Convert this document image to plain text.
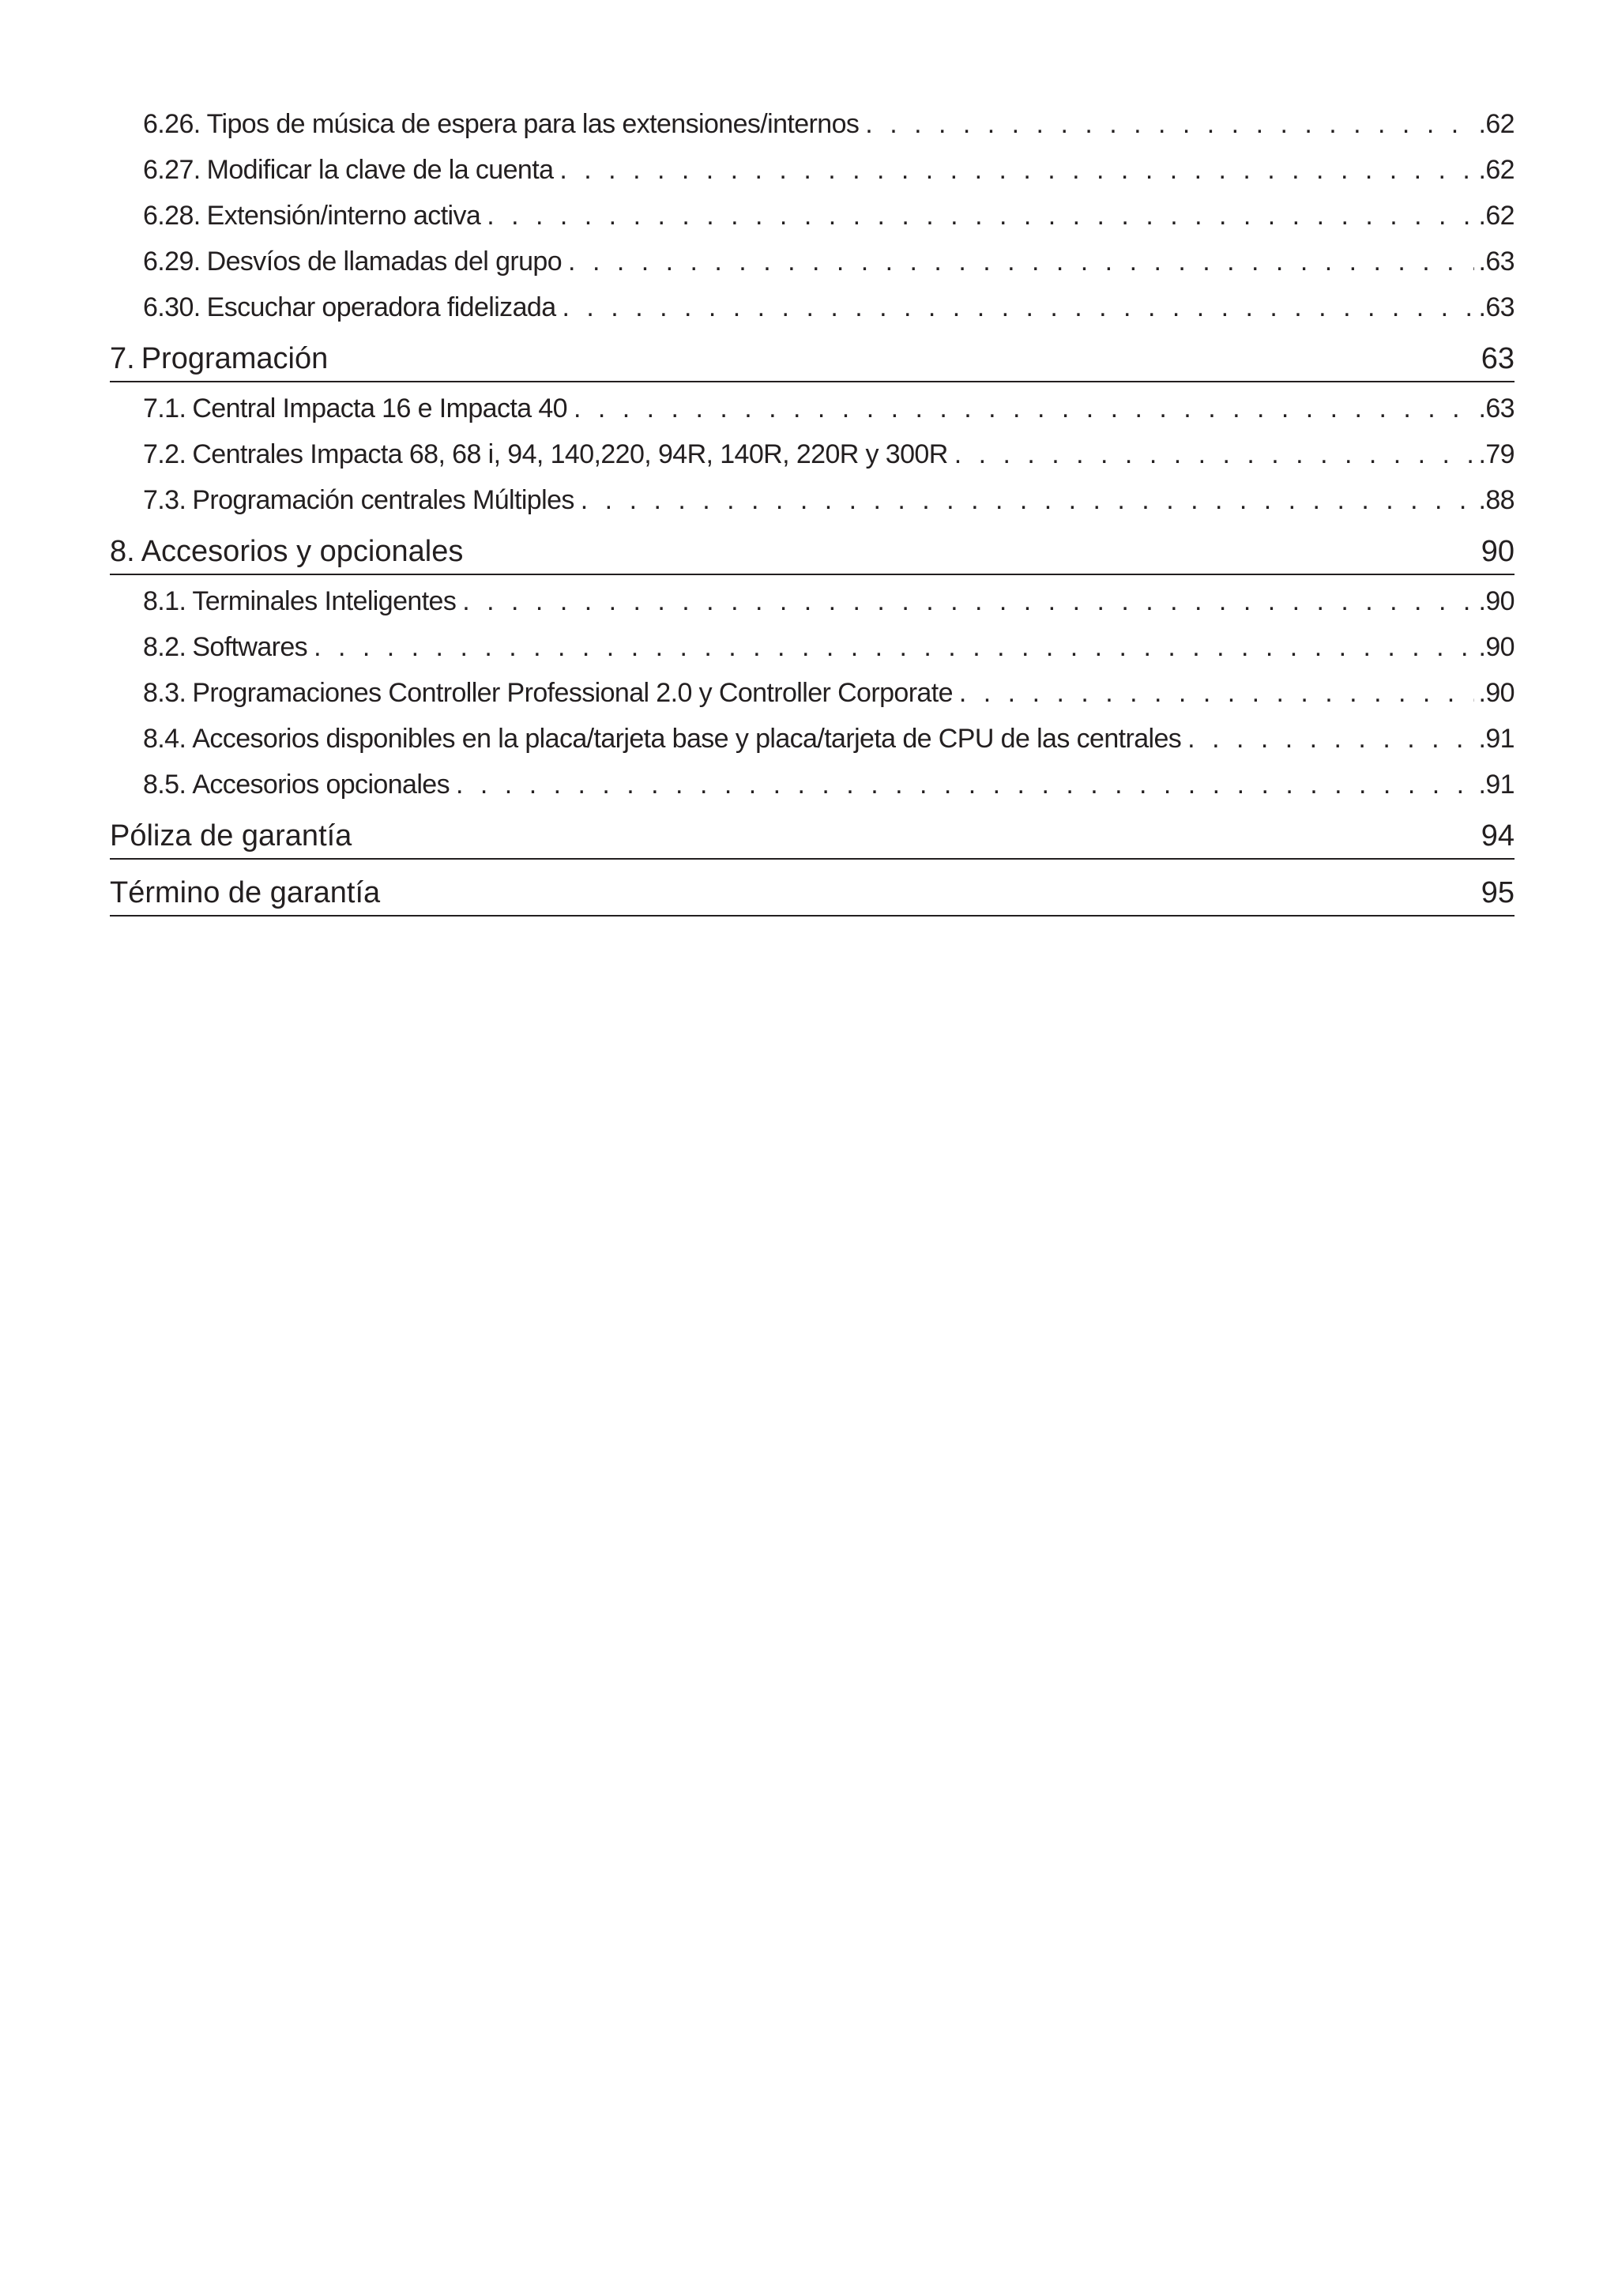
6.26. Tipos de música de espera para las extensiones/internos . . .	.62
6.27. Modificar la clave de la cuenta . . .	.62
6.28. Extensión/interno activa . . .	.62
6.29. Desvíos de llamadas del grupo . . .	.63
6.30. Escuchar operadora fidelizada . . .	.63
7. Programación	63
7.1. Central Impacta 16 e Impacta 40 . . .	.63
7.2. Centrales Impacta 68, 68 i, 94, 140,220, 94R, 140R, 220R y 300R . . .	.79
7.3. Programación centrales Múltiples . . .	.88
8. Accesorios y opcionales	90
8.1. Terminales Inteligentes . . .	.90
8.2. Softwares . . .	.90
8.3. Programaciones Controller Professional 2.0 y Controller Corporate . . .	.90
8.4. Accesorios disponibles en la placa/tarjeta base y placa/tarjeta de CPU de las centrales . . .	.91
8.5. Accesorios opcionales . . .	.91
Póliza de garantía	94
Término de garantía	95
